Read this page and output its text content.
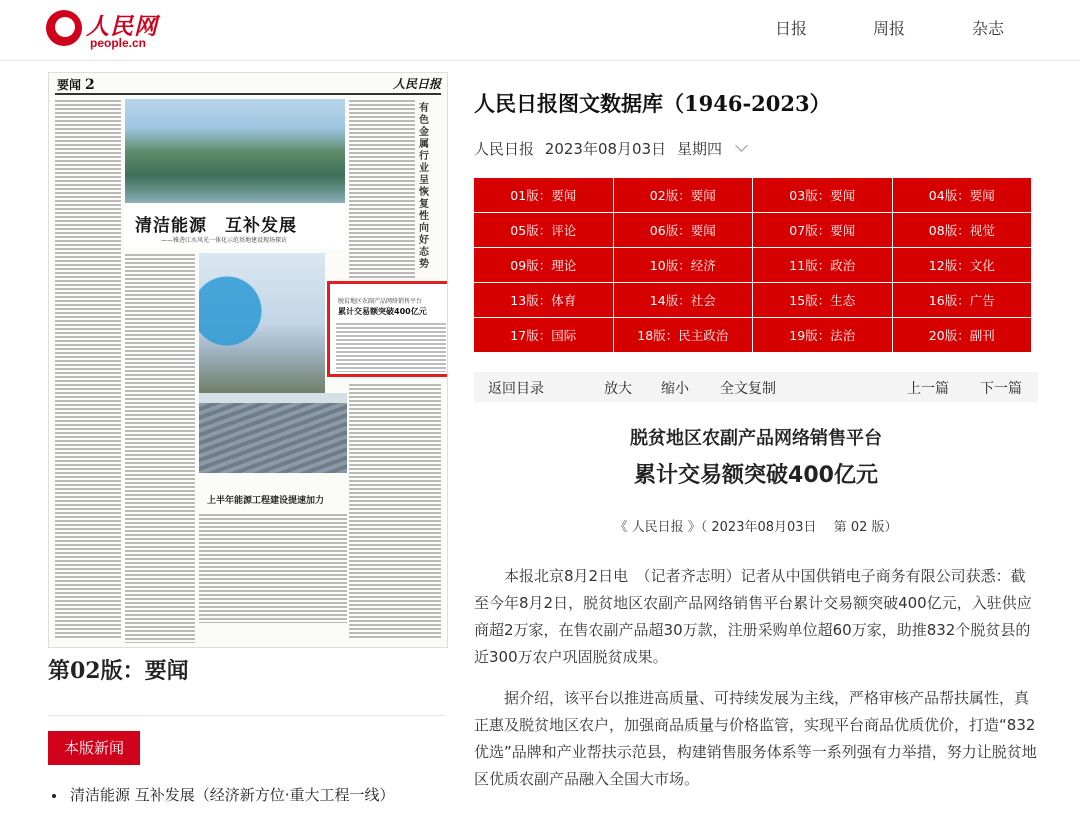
人民网
people.cn
日报	周报	杂志
要闻 2	人民日报
清洁能源　互补发展
——雅砻江水风光一体化示范基地建设现场探访
有色金属行业呈恢复性向好态势
上半年能源工程建设提速加力
脱贫地区农副产品网络销售平台
累计交易额突破400亿元
第02版：要闻
本版新闻
清洁能源 互补发展（经济新方位·重大工程一线）
人民日报图文数据库（1946-2023）
人民日报 2023年08月03日 星期四
01版：要闻	02版：要闻	03版：要闻	04版：要闻
05版：评论	06版：要闻	07版：要闻	08版：视觉
09版：理论	10版：经济	11版：政治	12版：文化
13版：体育	14版：社会	15版：生态	16版：广告
17版：国际	18版：民主政治	19版：法治	20版：副刊
返回目录	放大 缩小 全文复制	上一篇 下一篇
脱贫地区农副产品网络销售平台
累计交易额突破400亿元
《 人民日报 》（ 2023年08月03日　 第 02 版）

本报北京8月2日电　（记者齐志明）记者从中国供销电子商务有限公司获悉：截至今年8月2日，脱贫地区农副产品网络销售平台累计交易额突破400亿元，入驻供应商超2万家，在售农副产品超30万款，注册采购单位超60万家，助推832个脱贫县的近300万农户巩固脱贫成果。

据介绍，该平台以推进高质量、可持续发展为主线，严格审核产品帮扶属性，真正惠及脱贫地区农户，加强商品质量与价格监管，实现平台商品优质优价，打造“832优选”品牌和产业帮扶示范县，构建销售服务体系等一系列强有力举措，努力让脱贫地区优质农副产品融入全国大市场。
